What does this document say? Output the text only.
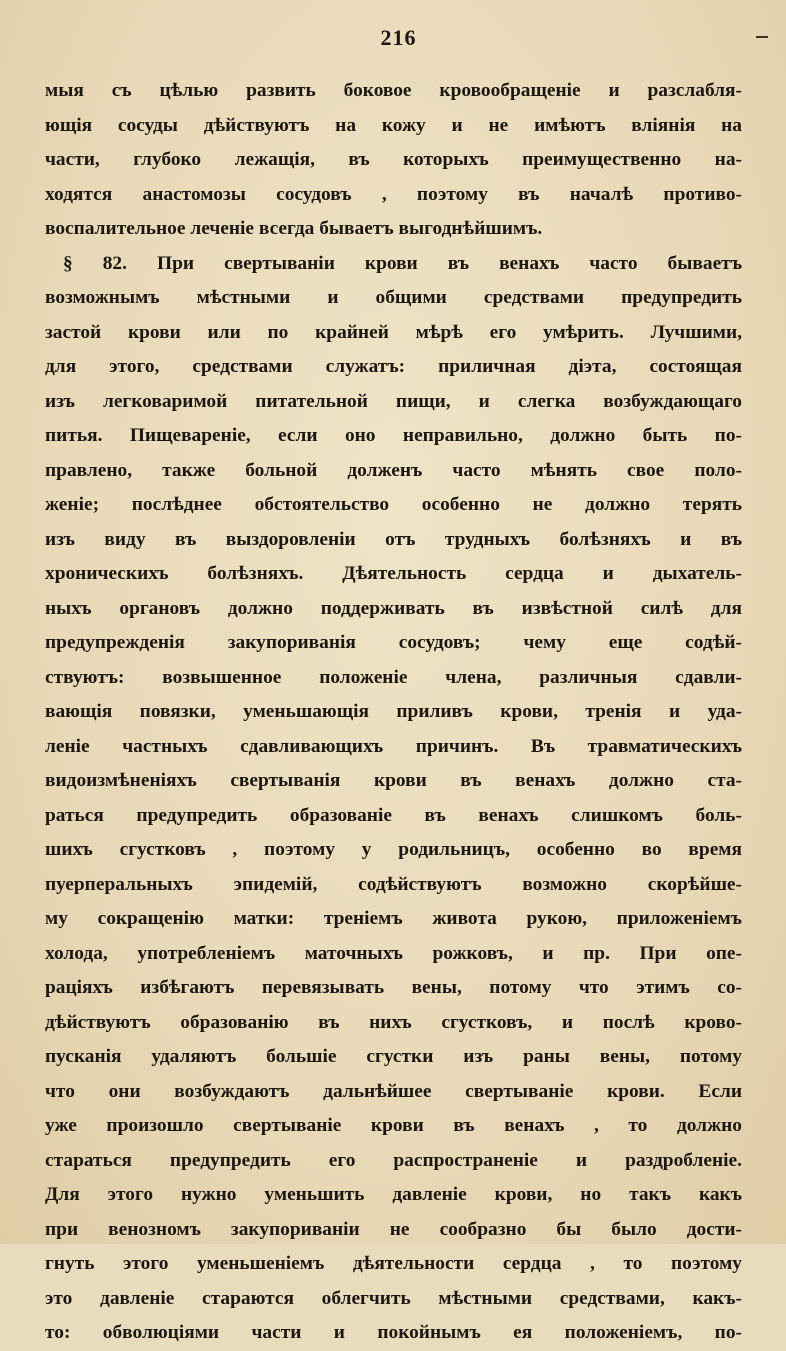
216
мыя съ цѣлью развить боковое кровообращеніе и разслабля-
ющія сосуды дѣйствуютъ на кожу и не имѣютъ вліянія на
части, глубоко лежащія, въ которыхъ преимущественно на-
ходятся анастомозы сосудовъ , поэтому въ началѣ противо-
воспалительное леченіе всегда бываетъ выгоднѣйшимъ.
§ 82. При свертываніи крови въ венахъ часто бываетъ
возможнымъ мѣстными и общими средствами предупредить
застой крови или по крайней мѣрѣ его умѣрить. Лучшими,
для этого, средствами служатъ: приличная діэта, состоящая
изъ легковаримой питательной пищи, и слегка возбуждающаго
питья. Пищевареніе, если оно неправильно, должно быть по-
правлено, также больной долженъ часто мѣнять свое поло-
женіе; послѣднее обстоятельство особенно не должно терять
изъ виду въ выздоровленіи отъ трудныхъ болѣзняхъ и въ
хроническихъ болѣзняхъ. Дѣятельность сердца и дыхатель-
ныхъ органовъ должно поддерживать въ извѣстной силѣ для
предупрежденія закупориванія сосудовъ; чему еще содѣй-
ствуютъ: возвышенное положеніе члена, различныя сдавли-
вающія повязки, уменьшающія приливъ крови, тренія и уда-
леніе частныхъ сдавливающихъ причинъ. Въ травматическихъ
видоизмѣненіяхъ свертыванія крови въ венахъ должно ста-
раться предупредить образованіе въ венахъ слишкомъ боль-
шихъ сгустковъ , поэтому у родильницъ, особенно во время
пуерперальныхъ эпидемій, содѣйствуютъ возможно скорѣйше-
му сокращенію матки: треніемъ живота рукою, приложеніемъ
холода, употребленіемъ маточныхъ рожковъ, и пр. При опе-
раціяхъ избѣгаютъ перевязывать вены, потому что этимъ со-
дѣйствуютъ образованію въ нихъ сгустковъ, и послѣ крово-
пусканія удаляютъ большіе сгустки изъ раны вены, потому
что они возбуждаютъ дальнѣйшее свертываніе крови. Если
уже произошло свертываніе крови въ венахъ , то должно
стараться предупредить его распространеніе и раздробленіе.
Для этого нужно уменьшить давленіе крови, но такъ какъ
при венозномъ закупориваніи не сообразно бы было дости-
гнуть этого уменьшеніемъ дѣятельности сердца , то поэтому
это давленіе стараются облегчить мѣстными средствами, какъ-
то: обволюціями части и покойнымъ ея положеніемъ, по-
